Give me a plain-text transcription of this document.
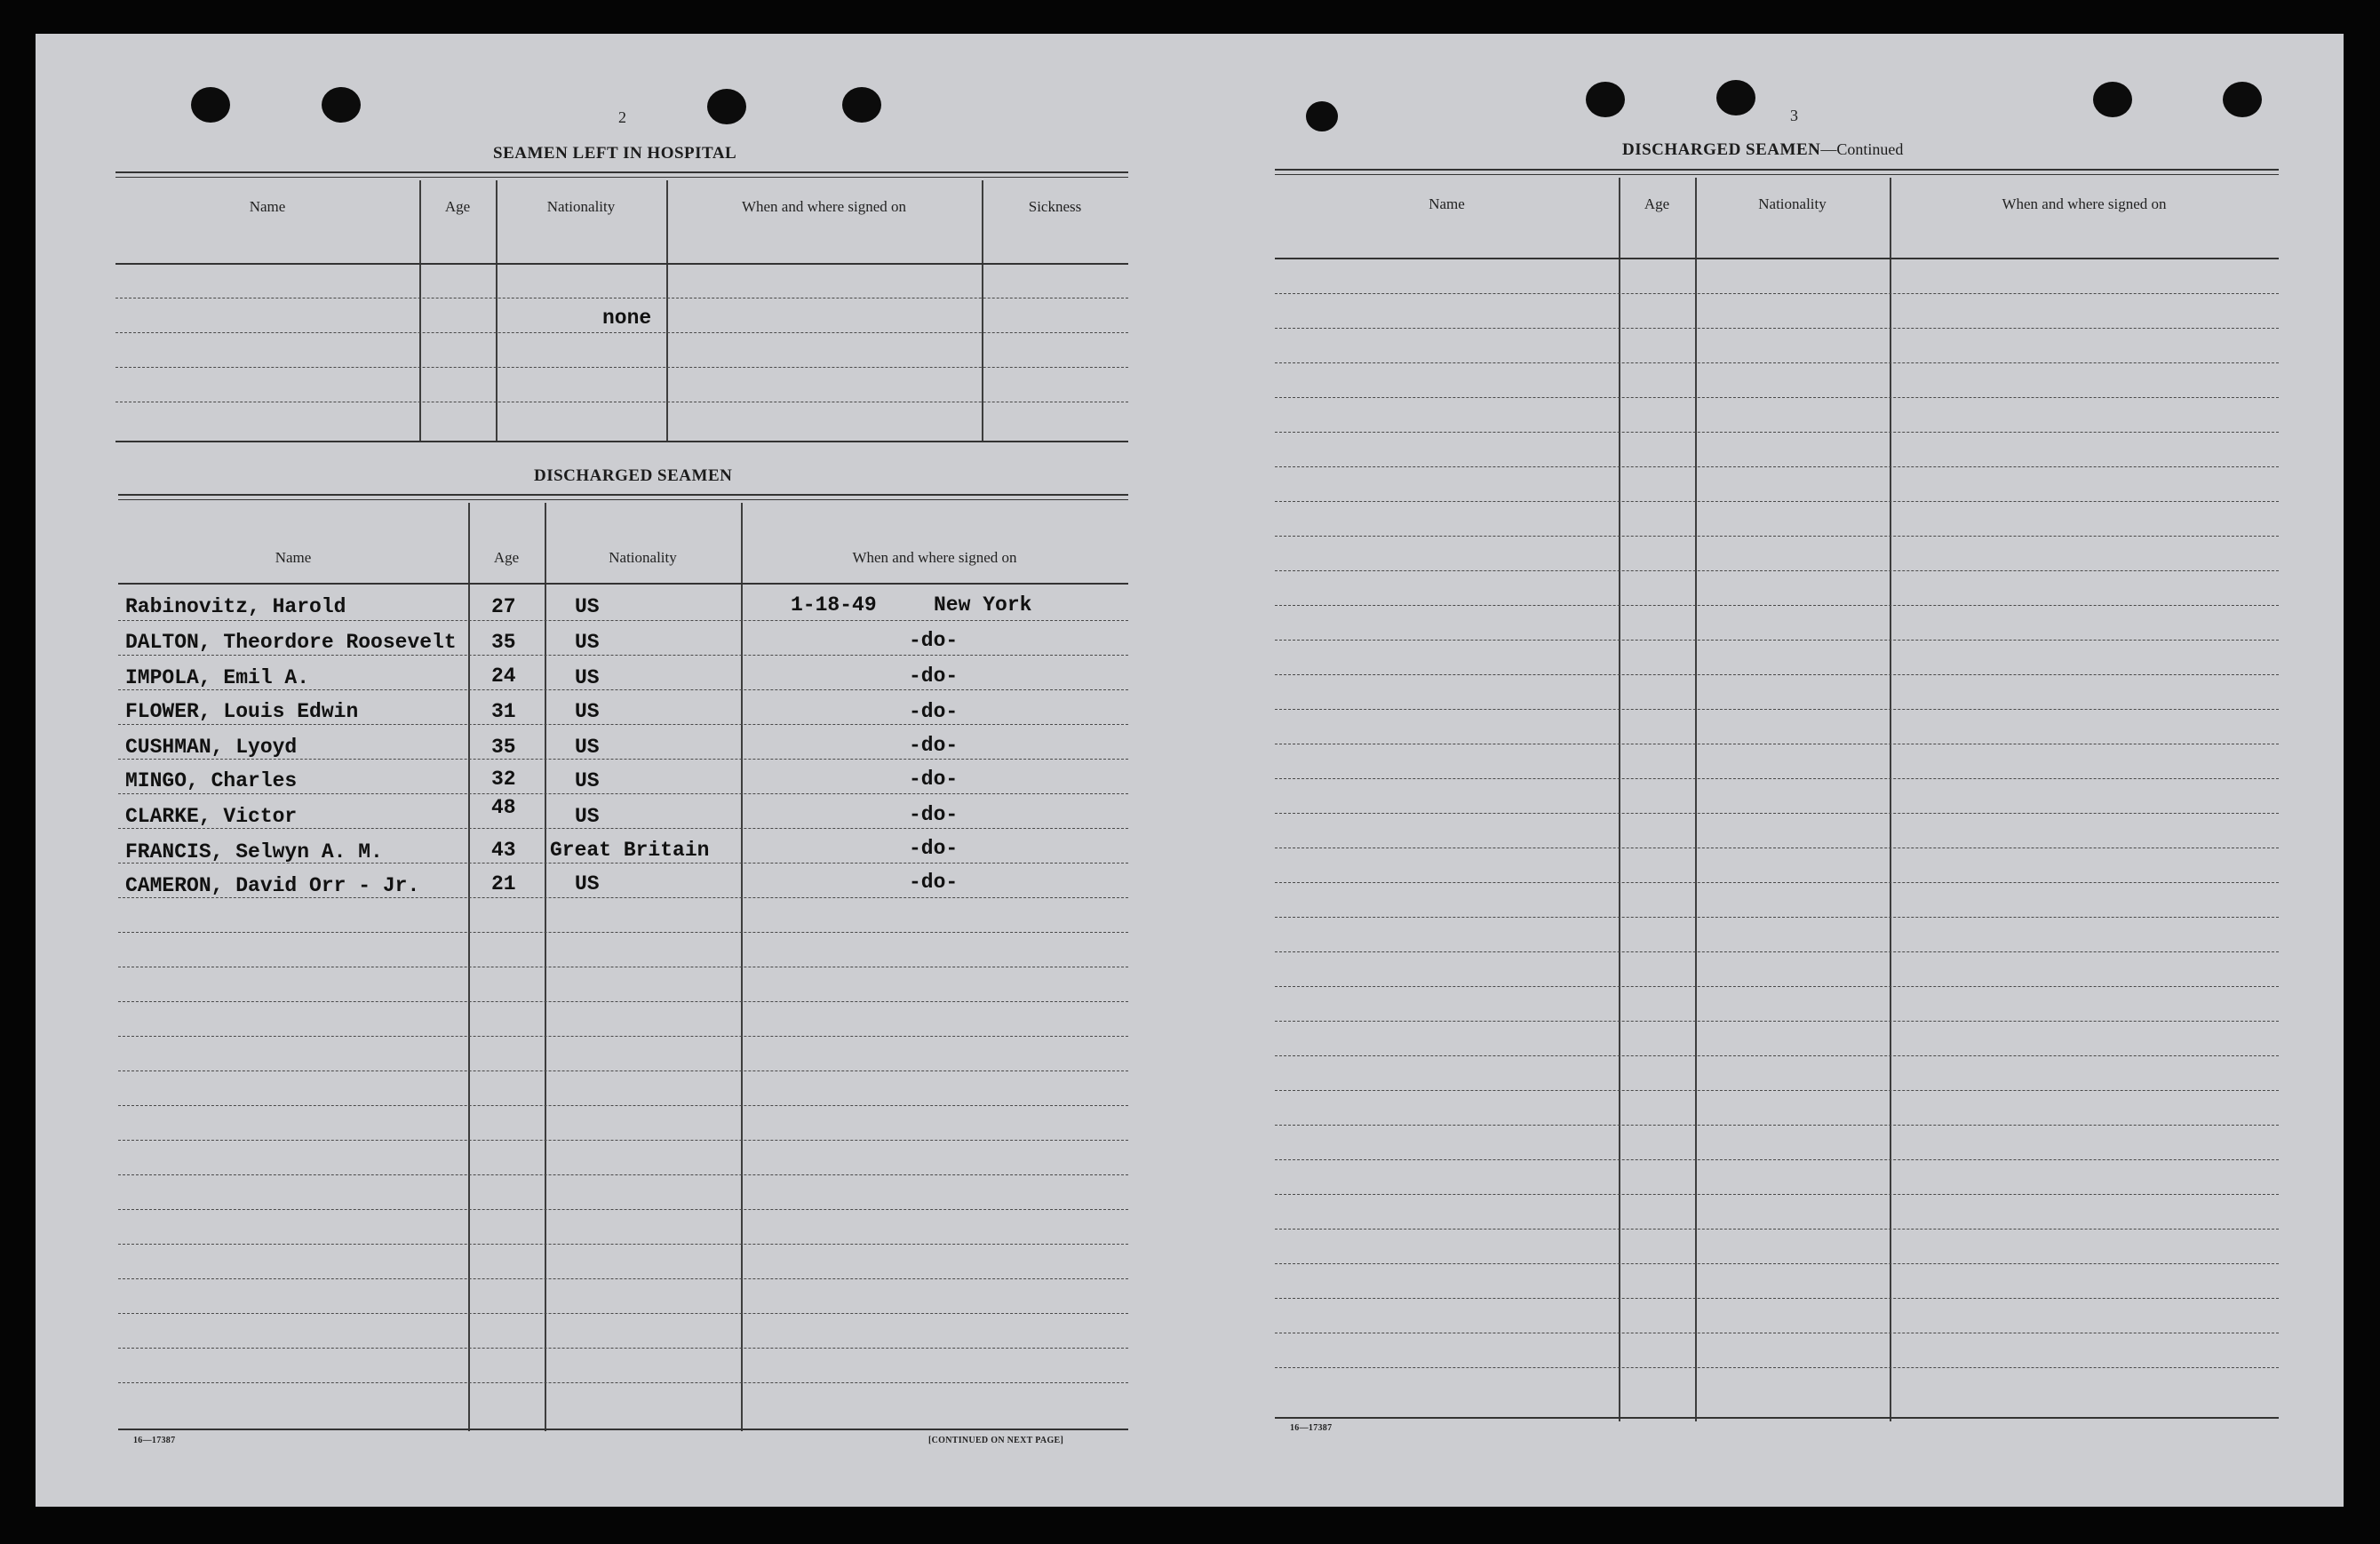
2
SEAMEN LEFT IN HOSPITAL
Name	Age	Nationality	When and where signed on	Sickness
none
DISCHARGED SEAMEN
Name	Age	Nationality	When and where signed on
Rabinovitz, Harold	27	US	1-18-49	New York
DALTON, Theordore Roosevelt 35	US	-do-
IMPOLA, Emil A.	24	US	-do-
FLOWER, Louis Edwin	31	US	-do-
CUSHMAN, Lyoyd	35	US	-do-
MINGO, Charles	32	US	-do-
CLARKE, Victor	48	US	-do-
FRANCIS, Selwyn A. M.	43 Great Britain	-do-
CAMERON, David Orr - Jr.	21	US	-do-
16—17387	[CONTINUED ON NEXT PAGE]
3
DISCHARGED SEAMEN—Continued
Name	Age	Nationality	When and where signed on
16—17387
